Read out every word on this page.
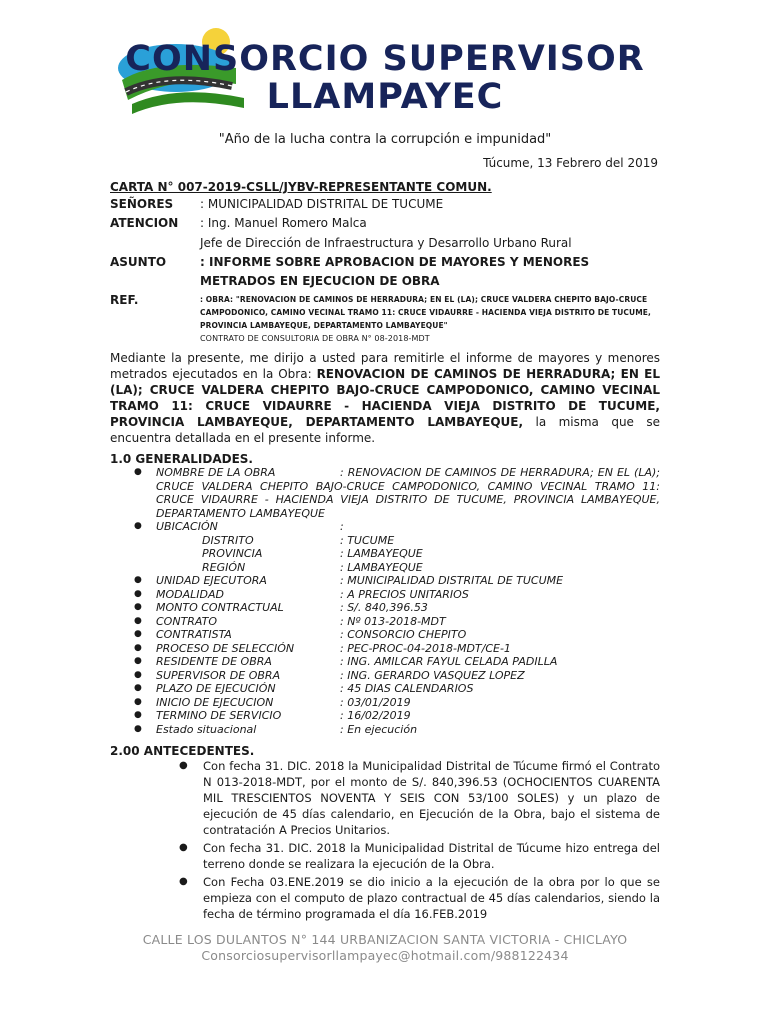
CONSORCIO SUPERVISOR
LLAMPAYEC
"Año de la lucha contra la corrupción e impunidad"
Túcume, 13 Febrero del 2019
CARTA N° 007-2019-CSLL/JYBV-REPRESENTANTE COMUN.
SEÑORES : MUNICIPALIDAD DISTRITAL DE TUCUME
ATENCION : Ing. Manuel Romero Malca
Jefe de Dirección de Infraestructura y Desarrollo Urbano Rural
ASUNTO	: INFORME SOBRE APROBACION DE MAYORES Y MENORES METRADOS EN EJECUCION DE OBRA
REF.	: OBRA: "RENOVACION DE CAMINOS DE HERRADURA; EN EL (LA); CRUCE VALDERA CHEPITO BAJO-CRUCE CAMPODONICO, CAMINO VECINAL TRAMO 11: CRUCE VIDAURRE - HACIENDA VIEJA DISTRITO DE TUCUME, PROVINCIA LAMBAYEQUE, DEPARTAMENTO LAMBAYEQUE"
CONTRATO DE CONSULTORIA DE OBRA N° 08-2018-MDT
Mediante la presente, me dirijo a usted para remitirle el informe de mayores y menores metrados ejecutados en la Obra: RENOVACION DE CAMINOS DE HERRADURA; EN EL (LA); CRUCE VALDERA CHEPITO BAJO-CRUCE CAMPODONICO, CAMINO VECINAL TRAMO 11: CRUCE VIDAURRE - HACIENDA VIEJA DISTRITO DE TUCUME, PROVINCIA LAMBAYEQUE, DEPARTAMENTO LAMBAYEQUE, la misma que se encuentra detallada en el presente informe.
1.0 GENERALIDADES.
● NOMBRE DE LA OBRA	: RENOVACION DE CAMINOS DE HERRADURA; EN EL (LA); CRUCE VALDERA CHEPITO BAJO-CRUCE CAMPODONICO, CAMINO VECINAL TRAMO 11: CRUCE VIDAURRE - HACIENDA VIEJA DISTRITO DE TUCUME, PROVINCIA LAMBAYEQUE, DEPARTAMENTO LAMBAYEQUE
● UBICACIÓN	:
DISTRITO	: TUCUME
PROVINCIA	: LAMBAYEQUE
REGIÓN	: LAMBAYEQUE
● UNIDAD EJECUTORA	: MUNICIPALIDAD DISTRITAL DE TUCUME
● MODALIDAD	: A PRECIOS UNITARIOS
● MONTO CONTRACTUAL	: S/. 840,396.53
● CONTRATO	: Nº 013-2018-MDT
● CONTRATISTA	: CONSORCIO CHEPITO
● PROCESO DE SELECCIÓN	: PEC-PROC-04-2018-MDT/CE-1
● RESIDENTE DE OBRA	: ING. AMILCAR FAYUL CELADA PADILLA
● SUPERVISOR DE OBRA	: ING. GERARDO VASQUEZ LOPEZ
● PLAZO DE EJECUCIÓN	: 45 DIAS CALENDARIOS
● INICIO DE EJECUCION	: 03/01/2019
● TERMINO DE SERVICIO	: 16/02/2019
● Estado situacional	: En ejecución
2.00 ANTECEDENTES.
● Con fecha 31. DIC. 2018 la Municipalidad Distrital de Túcume firmó el Contrato N 013-2018-MDT, por el monto de S/. 840,396.53 (OCHOCIENTOS CUARENTA MIL TRESCIENTOS NOVENTA Y SEIS CON 53/100 SOLES) y un plazo de ejecución de 45 días calendario, en Ejecución de la Obra, bajo el sistema de contratación A Precios Unitarios.
● Con fecha 31. DIC. 2018 la Municipalidad Distrital de Túcume hizo entrega del terreno donde se realizara la ejecución de la Obra.
● Con Fecha 03.ENE.2019 se dio inicio a la ejecución de la obra por lo que se empieza con el computo de plazo contractual de 45 días calendarios, siendo la fecha de término programada el día 16.FEB.2019
CALLE LOS DULANTOS N° 144 URBANIZACION SANTA VICTORIA - CHICLAYO
Consorciosupervisorllampayec@hotmail.com/988122434
